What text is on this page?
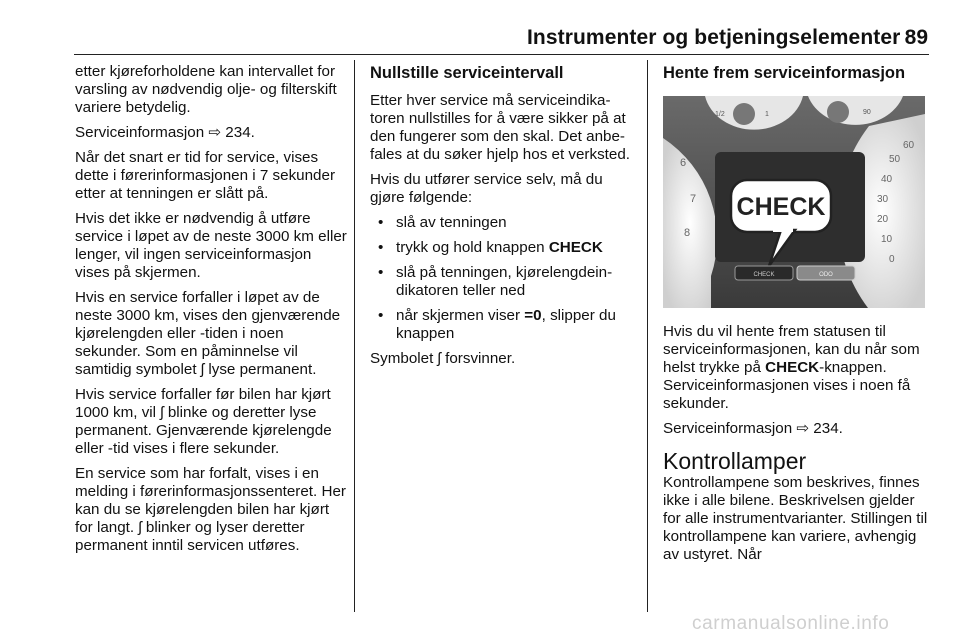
Instrumenter og betjeningselementer 89

etter kjøreforholdene kan intervallet for varsling av nødvendig olje- og filterskift variere betydelig.

Serviceinformasjon ⇨ 234.

Når det snart er tid for service, vises dette i førerinformasjonen i 7 sekunder etter at tenningen er slått på.

Hvis det ikke er nødvendig å utføre service i løpet av de neste 3000 km eller lenger, vil ingen serviceinformasjon vises på skjermen.

Hvis en service forfaller i løpet av de neste 3000 km, vises den gjenværende kjørelengden eller -tiden i noen sekunder. Som en påminnelse vil samtidig symbolet ʃ lyse permanent.

Hvis service forfaller før bilen har kjørt 1000 km, vil ʃ blinke og deretter lyse permanent. Gjenværende kjørelengde eller -tid vises i flere sekunder.

En service som har forfalt, vises i en melding i førerinformasjonssenteret. Her kan du se kjørelengden bilen har kjørt for langt. ʃ blinker og lyser deretter permanent inntil servicen utføres.

Nullstille serviceintervall

Etter hver service må serviceindikatoren nullstilles for å være sikker på at den fungerer som den skal. Det anbefales at du søker hjelp hos et verksted.

Hvis du utfører service selv, må du gjøre følgende:

• slå av tenningen
• trykk og hold knappen CHECK
• slå på tenningen, kjørelengdeindikatoren teller ned
• når skjermen viser =0, slipper du knappen

Symbolet ʃ forsvinner.

Hente frem serviceinformasjon
1/2	1	90
6
7
8
60
50
40
30
20
10
0
CHECK
CHECK	ODO

Hvis du vil hente frem statusen til serviceinformasjonen, kan du når som helst trykke på CHECK-knappen. Serviceinformasjonen vises i noen få sekunder.

Serviceinformasjon ⇨ 234.

Kontrollamper

Kontrollampene som beskrives, finnes ikke i alle bilene. Beskrivelsen gjelder for alle instrumentvarianter. Stillingen til kontrollampene kan variere, avhengig av ustyret. Når

carmanualsonline.info
